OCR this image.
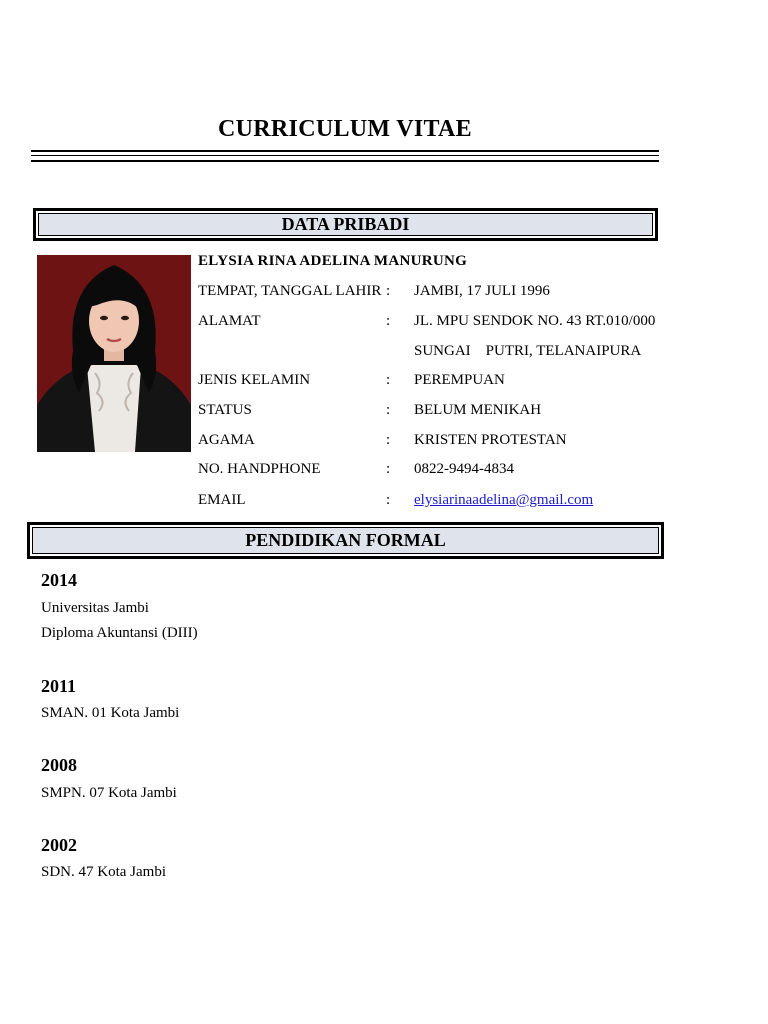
CURRICULUM VITAE
DATA PRIBADI
ELYSIA RINA ADELINA MANURUNG
TEMPAT, TANGGAL LAHIR : JAMBI, 17 JULI 1996
ALAMAT	: JL. MPU SENDOK NO. 43 RT.010/000
SUNGAI    PUTRI, TELANAIPURA
JENIS KELAMIN	: PEREMPUAN
STATUS	: BELUM MENIKAH
AGAMA	: KRISTEN PROTESTAN
NO. HANDPHONE	: 0822-9494-4834
EMAIL	: elysiarinaadelina@gmail.com
PENDIDIKAN FORMAL
2014
Universitas Jambi
Diploma Akuntansi (DIII)
2011
SMAN. 01 Kota Jambi
2008
SMPN. 07 Kota Jambi
2002
SDN. 47 Kota Jambi
